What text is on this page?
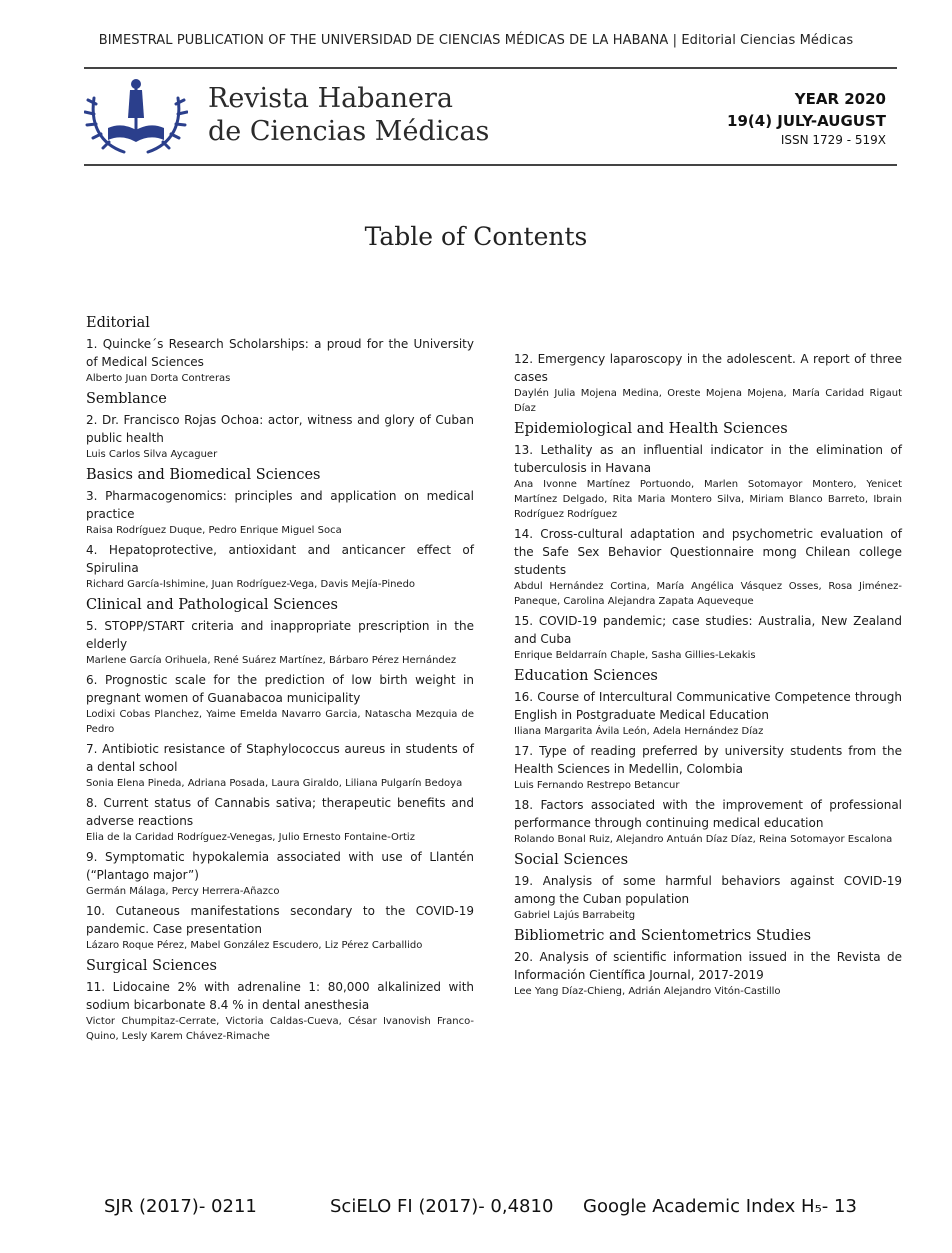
BIMESTRAL PUBLICATION OF THE UNIVERSIDAD DE CIENCIAS MÉDICAS DE LA HABANA | Editorial Ciencias Médicas
Revista Habanera
de Ciencias Médicas
YEAR 2020
19(4) JULY-AUGUST
ISSN 1729 - 519X
Table of Contents
Editorial
1. Quincke´s Research Scholarships: a proud for the University of Medical Sciences
Alberto Juan Dorta Contreras
Semblance
2. Dr. Francisco Rojas Ochoa: actor, witness and glory of Cuban public health
Luis Carlos Silva Aycaguer
Basics and Biomedical Sciences
3. Pharmacogenomics: principles and application on medical practice
Raisa Rodríguez Duque, Pedro Enrique Miguel Soca
4. Hepatoprotective, antioxidant and anticancer effect of Spirulina
Richard García-Ishimine, Juan Rodríguez-Vega, Davis Mejía-Pinedo
Clinical and Pathological Sciences
5. STOPP/START criteria and inappropriate prescription in the elderly
Marlene García Orihuela, René Suárez Martínez, Bárbaro Pérez Hernández
6. Prognostic scale for the prediction of low birth weight in pregnant women of Guanabacoa municipality
Lodixi Cobas Planchez, Yaime Emelda Navarro Garcia, Natascha Mezquia de Pedro
7. Antibiotic resistance of Staphylococcus aureus in students of a dental school
Sonia Elena Pineda, Adriana Posada, Laura Giraldo, Liliana Pulgarín Bedoya
8. Current status of Cannabis sativa; therapeutic benefits and adverse reactions
Elia de la Caridad Rodríguez-Venegas, Julio Ernesto Fontaine-Ortiz
9. Symptomatic hypokalemia associated with use of Llantén (“Plantago major”)
Germán Málaga, Percy Herrera-Añazco
10. Cutaneous manifestations secondary to the COVID-19 pandemic. Case presentation
Lázaro Roque Pérez, Mabel González Escudero, Liz Pérez Carballido
Surgical Sciences
11. Lidocaine 2% with adrenaline 1: 80,000 alkalinized with sodium bicarbonate 8.4 % in dental anesthesia
Victor Chumpitaz-Cerrate, Victoria Caldas-Cueva, César Ivanovish Franco-Quino, Lesly Karem Chávez-Rimache
12. Emergency laparoscopy in the adolescent. A report of three cases
Daylén Julia Mojena Medina, Oreste Mojena Mojena, María Caridad Rigaut Díaz
Epidemiological and Health Sciences
13. Lethality as an influential indicator in the elimination of tuberculosis in Havana
Ana Ivonne Martínez Portuondo, Marlen Sotomayor Montero, Yenicet Martínez Delgado, Rita Maria Montero Silva, Miriam Blanco Barreto, Ibrain Rodríguez Rodríguez
14. Cross-cultural adaptation and psychometric evaluation of the Safe Sex Behavior Questionnaire mong Chilean college students
Abdul Hernández Cortina, María Angélica Vásquez Osses, Rosa Jiménez-Paneque, Carolina Alejandra Zapata Aqueveque
15. COVID-19 pandemic; case studies: Australia, New Zealand and Cuba
Enrique Beldarraín Chaple, Sasha Gillies-Lekakis
Education Sciences
16. Course of Intercultural Communicative Competence through English in Postgraduate Medical Education
Iliana Margarita Ávila León, Adela Hernández Díaz
17. Type of reading preferred by university students from the Health Sciences in Medellin, Colombia
Luis Fernando Restrepo Betancur
18. Factors associated with the improvement of professional performance through continuing medical education
Rolando Bonal Ruiz, Alejandro Antuán Díaz Díaz, Reina Sotomayor Escalona
Social Sciences
19. Analysis of some harmful behaviors against COVID-19 among the Cuban population
Gabriel Lajús Barrabeitg
Bibliometric and Scientometrics Studies
20. Analysis of scientific information issued in the Revista de Información Científica Journal, 2017-2019
Lee Yang Díaz-Chieng, Adrián Alejandro Vitón-Castillo
SJR (2017)- 0211	SciELO FI (2017)- 0,4810 Google Academic Index H₅- 13
